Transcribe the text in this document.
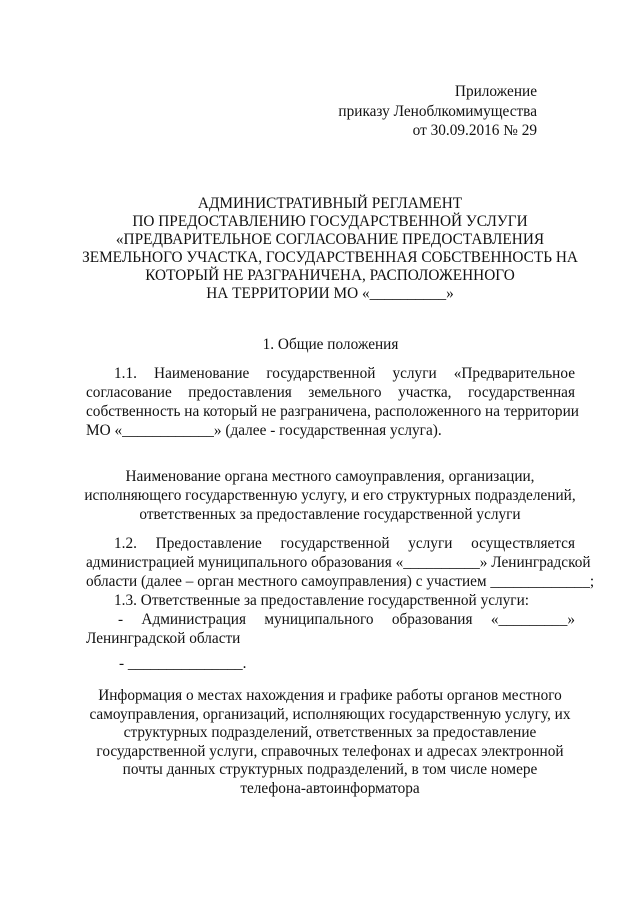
Приложение
приказу Леноблкомимущества
от 30.09.2016 № 29
АДМИНИСТРАТИВНЫЙ РЕГЛАМЕНТ
ПО ПРЕДОСТАВЛЕНИЮ ГОСУДАРСТВЕННОЙ УСЛУГИ
«ПРЕДВАРИТЕЛЬНОЕ СОГЛАСОВАНИЕ ПРЕДОСТАВЛЕНИЯ
ЗЕМЕЛЬНОГО УЧАСТКА, ГОСУДАРСТВЕННАЯ СОБСТВЕННОСТЬ НА
КОТОРЫЙ НЕ РАЗГРАНИЧЕНА, РАСПОЛОЖЕННОГО
НА ТЕРРИТОРИИ МО «__________»
1. Общие положения
1.1. Наименование государственной услуги «Предварительное
согласование предоставления земельного участка, государственная
собственность на который не разграничена, расположенного на территории
МО «____________» (далее - государственная услуга).
Наименование органа местного самоуправления, организации,
исполняющего государственную услугу, и его структурных подразделений,
ответственных за предоставление государственной услуги
1.2. Предоставление государственной услуги осуществляется
администрацией муниципального образования «__________» Ленинградской
области (далее – орган местного самоуправления) с участием _____________;
1.3. Ответственные за предоставление государственной услуги:
- Администрация муниципального образования «_________»
Ленинградской области
- _______________.
Информация о местах нахождения и графике работы органов местного
самоуправления, организаций, исполняющих государственную услугу, их
структурных подразделений, ответственных за предоставление
государственной услуги, справочных телефонах и адресах электронной
почты данных структурных подразделений, в том числе номере
телефона-автоинформатора
